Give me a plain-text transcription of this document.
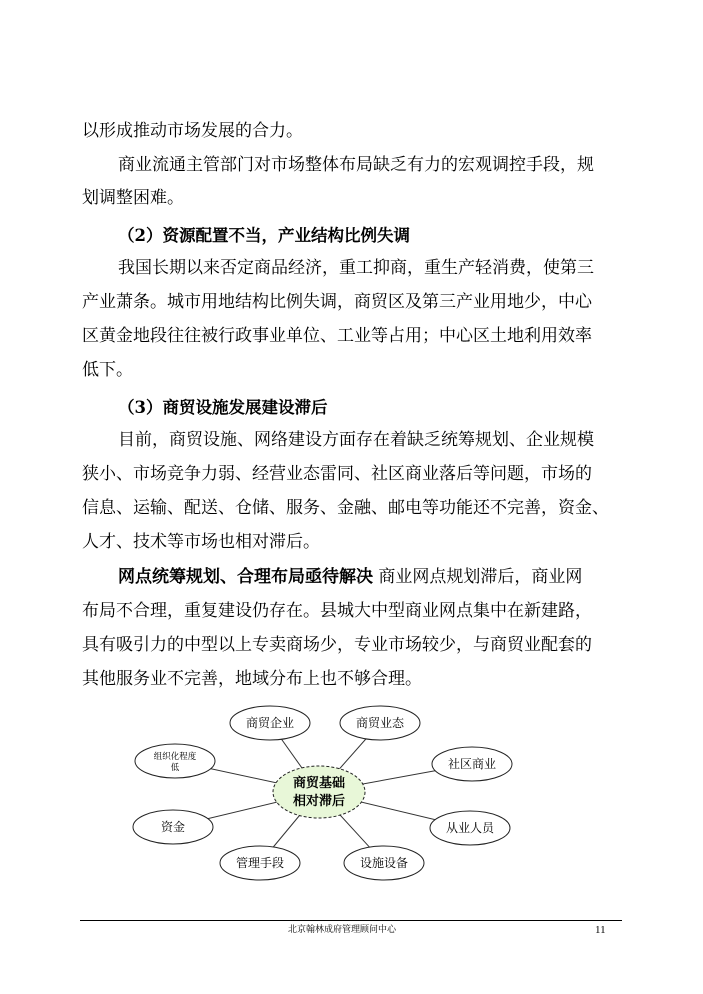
以形成推动市场发展的合力。
商业流通主管部门对市场整体布局缺乏有力的宏观调控手段，规
划调整困难。
（2）资源配置不当，产业结构比例失调
我国长期以来否定商品经济，重工抑商，重生产轻消费，使第三
产业萧条。城市用地结构比例失调，商贸区及第三产业用地少，中心
区黄金地段往往被行政事业单位、工业等占用；中心区土地利用效率
低下。
（3）商贸设施发展建设滞后
目前，商贸设施、网络建设方面存在着缺乏统筹规划、企业规模
狭小、市场竞争力弱、经营业态雷同、社区商业落后等问题，市场的
信息、运输、配送、仓储、服务、金融、邮电等功能还不完善，资金、
人才、技术等市场也相对滞后。
网点统筹规划、合理布局亟待解决 商业网点规划滞后，商业网
布局不合理，重复建设仍存在。县城大中型商业网点集中在新建路，
具有吸引力的中型以上专卖商场少，专业市场较少，与商贸业配套的
其他服务业不完善，地域分布上也不够合理。
商贸基础
相对滞后
商贸企业	商贸业态
组织化程度
低	社区商业
资金	从业人员
管理手段	设施设备
北京翰林成府管理顾问中心	11
